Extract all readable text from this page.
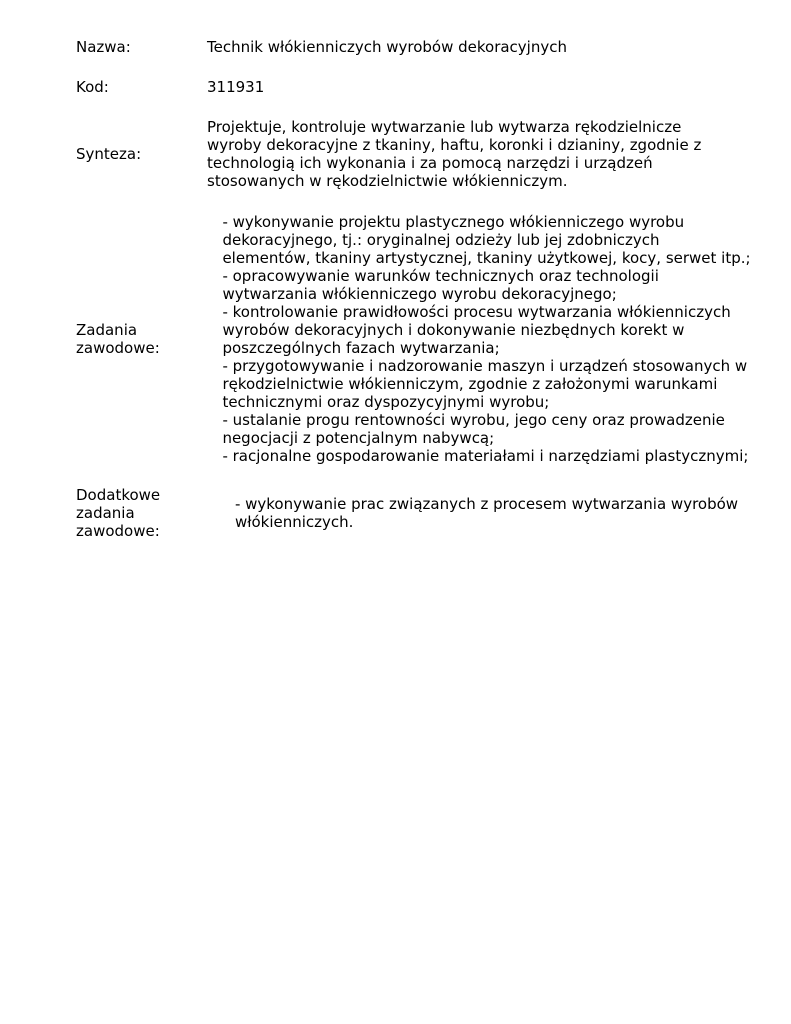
Nazwa:	Technik włókienniczych wyrobów dekoracyjnych
Kod:	311931
Synteza:
Projektuje, kontroluje wytwarzanie lub wytwarza rękodzielnicze
wyroby dekoracyjne z tkaniny, haftu, koronki i dzianiny, zgodnie z
technologią ich wykonania i za pomocą narzędzi i urządzeń
stosowanych w rękodzielnictwie włókienniczym.
Zadania
zawodowe:
- wykonywanie projektu plastycznego włókienniczego wyrobu
dekoracyjnego, tj.: oryginalnej odzieży lub jej zdobniczych
elementów, tkaniny artystycznej, tkaniny użytkowej, kocy, serwet itp.;
- opracowywanie warunków technicznych oraz technologii
wytwarzania włókienniczego wyrobu dekoracyjnego;
- kontrolowanie prawidłowości procesu wytwarzania włókienniczych
wyrobów dekoracyjnych i dokonywanie niezbędnych korekt w
poszczególnych fazach wytwarzania;
- przygotowywanie i nadzorowanie maszyn i urządzeń stosowanych w
rękodzielnictwie włókienniczym, zgodnie z założonymi warunkami
technicznymi oraz dyspozycyjnymi wyrobu;
- ustalanie progu rentowności wyrobu, jego ceny oraz prowadzenie
negocjacji z potencjalnym nabywcą;
- racjonalne gospodarowanie materiałami i narzędziami plastycznymi;
Dodatkowe
zadania
zawodowe:
- wykonywanie prac związanych z procesem wytwarzania wyrobów
włókienniczych.
